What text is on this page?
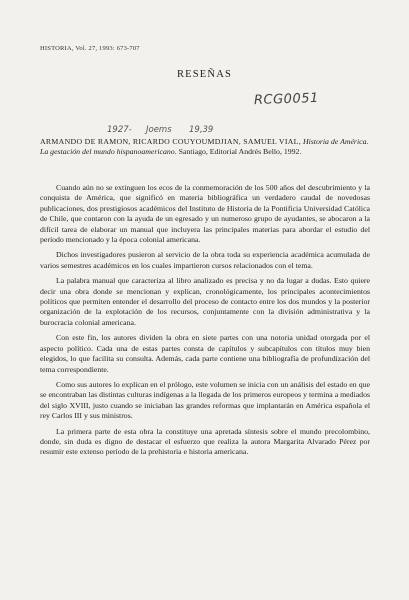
HISTORIA, Vol. 27, 1993: 673-707
RESEÑAS
RCG0051
1927- Joems 19,39
ARMANDO DE RAMON, RICARDO COUYOUMDJIAN, SAMUEL VIAL, Historia de América. La gestación del mundo hispanoamericano. Santiago, Editorial Andrés Bello, 1992.

Cuando aún no se extinguen los ecos de la conmemoración de los 500 años del descubrimiento y la conquista de América, que significó en materia bibliográfica un verdadero caudal de novedosas publicaciones, dos prestigiosos académicos del Instituto de Historia de la Pontificia Universidad Católica de Chile, que contaron con la ayuda de un egresado y un numeroso grupo de ayudantes, se abocaron a la difícil tarea de elaborar un manual que incluyera las principales materias para abordar el estudio del período mencionado y la época colonial americana.

Dichos investigadores pusieron al servicio de la obra toda su experiencia académica acumulada de varios semestres académicos en los cuales impartieron cursos relacionados con el tema.

La palabra manual que caracteriza al libro analizado es precisa y no da lugar a dudas. Esto quiere decir una obra donde se mencionan y explican, cronológicamente, los principales acontecimientos políticos que permiten entender el desarrollo del proceso de contacto entre los dos mundos y la posterior organización de la explotación de los recursos, conjuntamente con la división administrativa y la burocracia colonial americana.

Con este fin, los autores dividen la obra en siete partes con una notoria unidad otorgada por el aspecto político. Cada una de estas partes consta de capítulos y subcapítulos con títulos muy bien elegidos, lo que facilita su consulta. Además, cada parte contiene una bibliografía de profundización del tema correspondiente.

Como sus autores lo explican en el prólogo, este volumen se inicia con un análisis del estado en que se encontraban las distintas culturas indígenas a la llegada de los primeros europeos y termina a mediados del siglo XVIII, justo cuando se iniciaban las grandes reformas que implantarán en América española el rey Carlos III y sus ministros.

La primera parte de esta obra la constituye una apretada síntesis sobre el mundo precolombino, donde, sin duda es digno de destacar el esfuerzo que realiza la autora Margarita Alvarado Pérez por resumir este extenso período de la prehistoria e historia americana.
